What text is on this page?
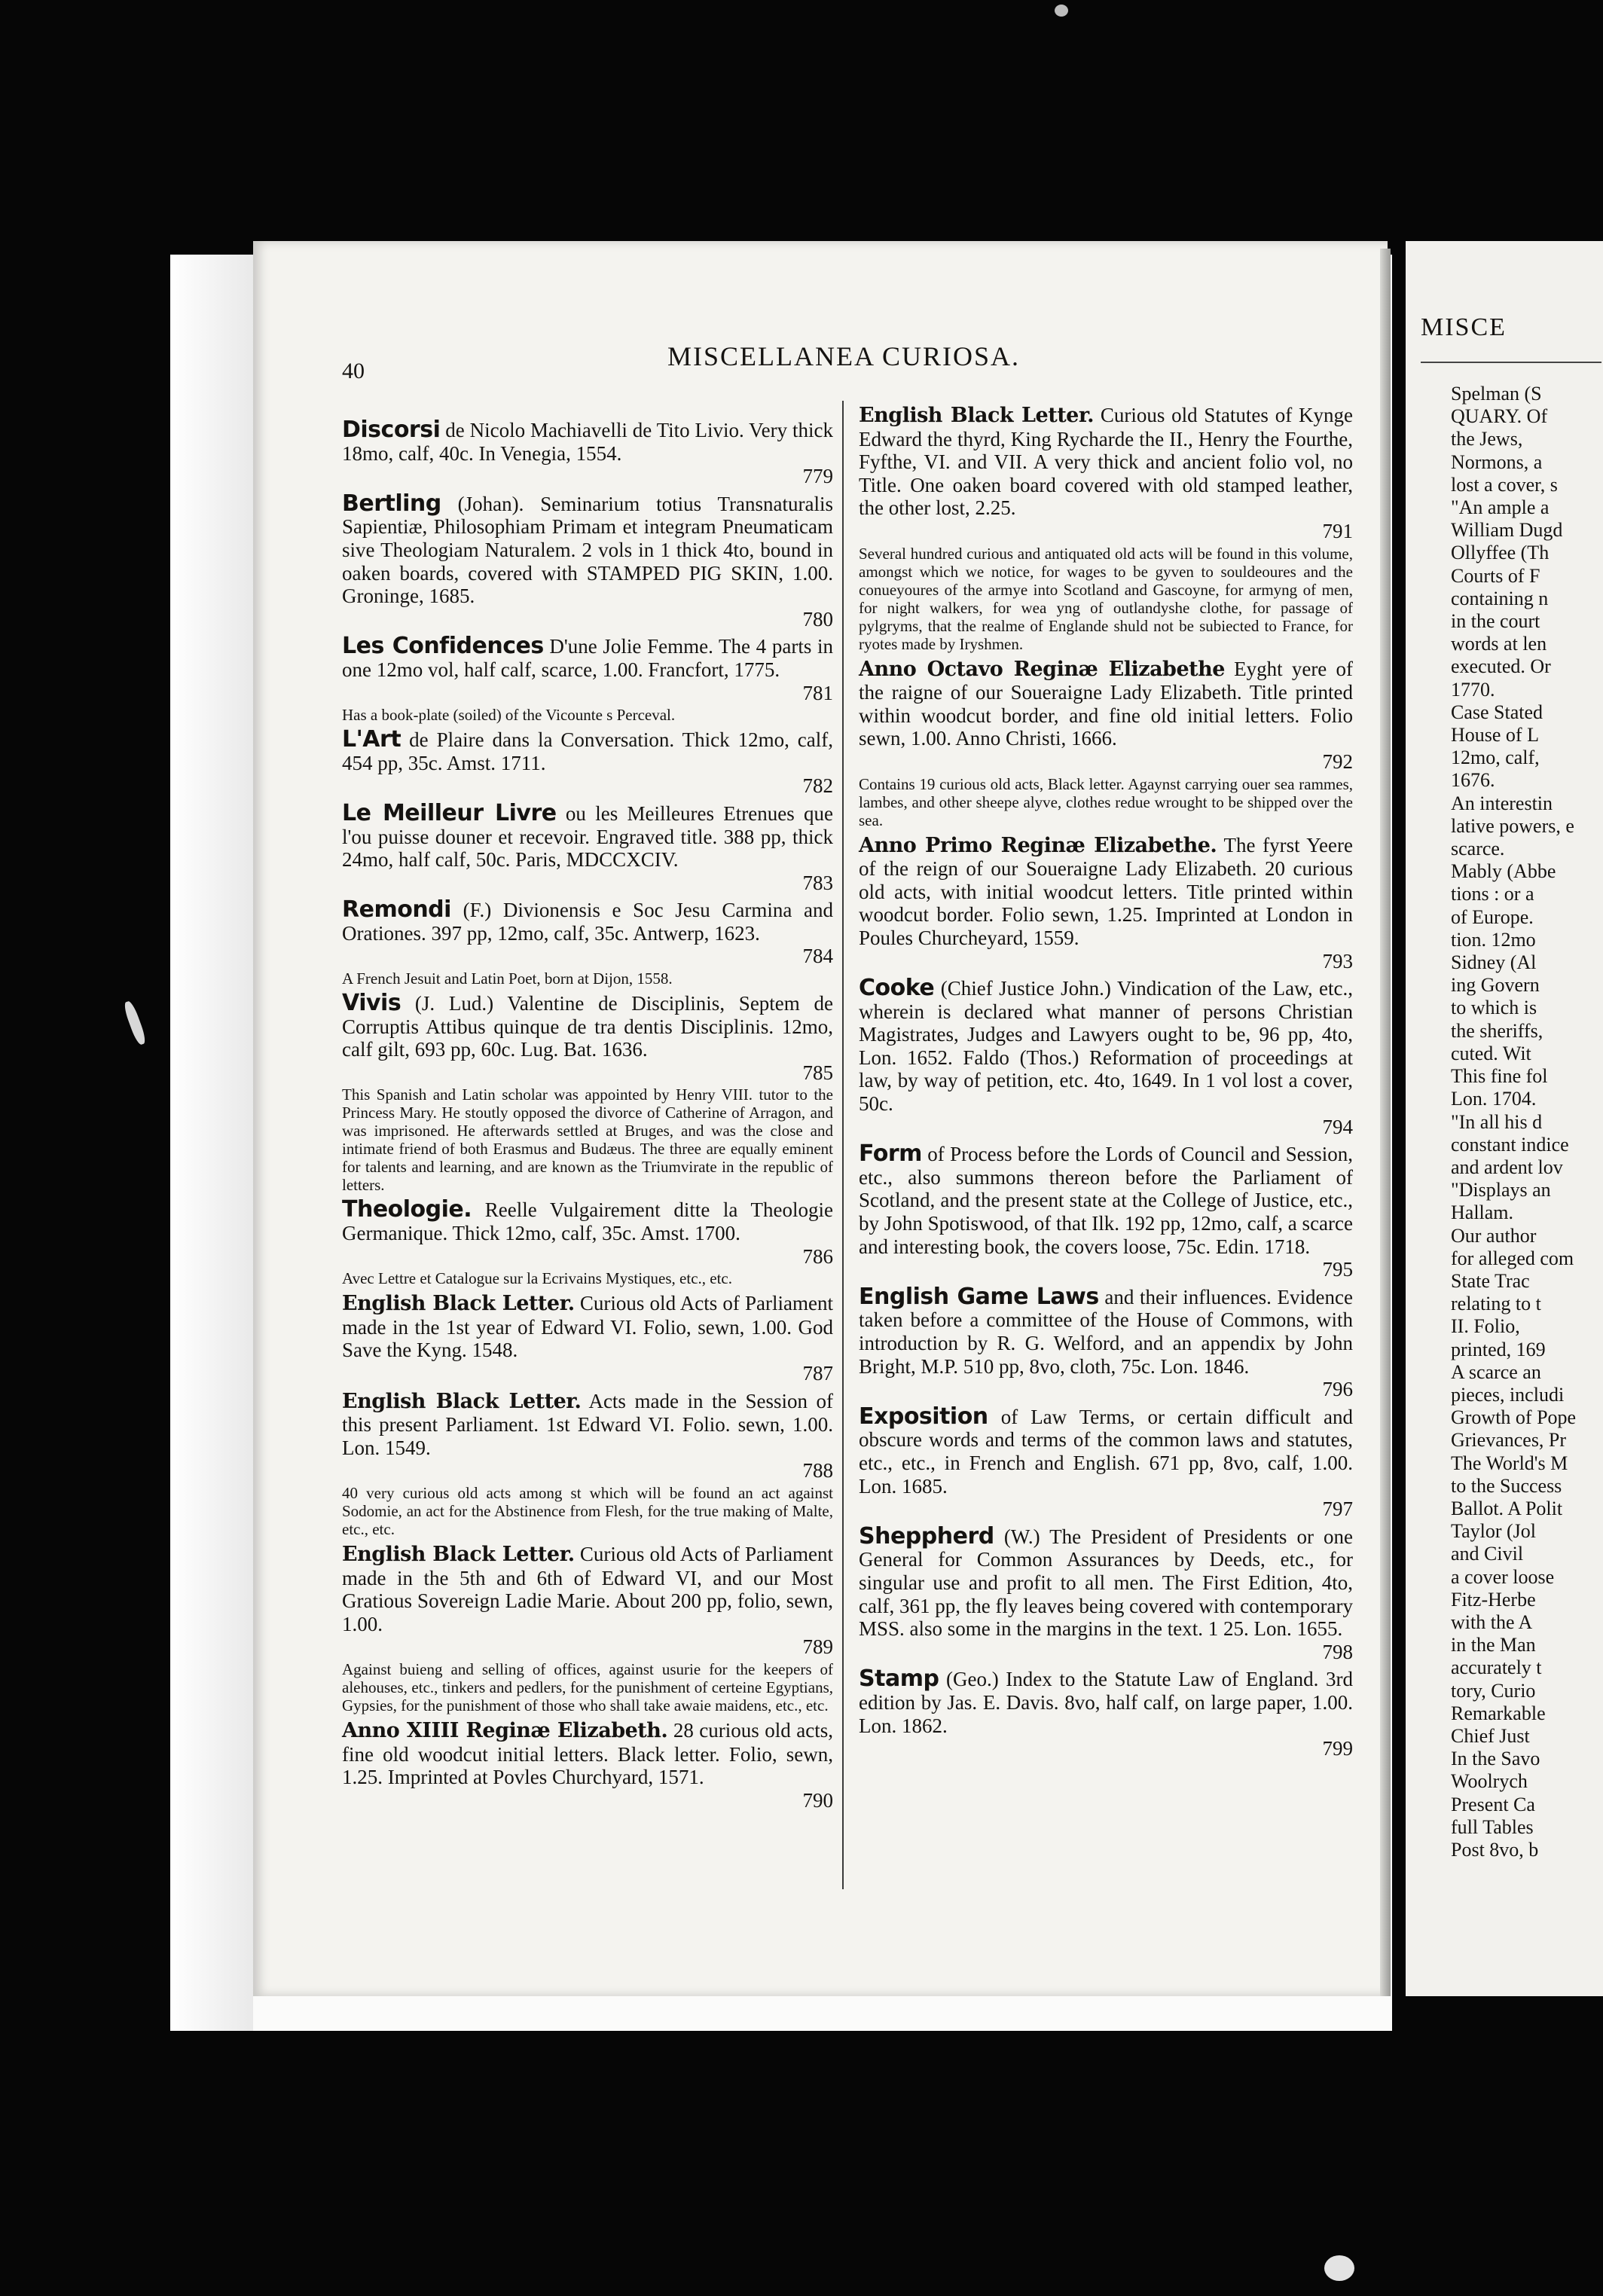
40	MISCELLANEA CURIOSA.
Discorsi de Nicolo Machiavelli de Tito Livio. Very thick 18mo, calf, 40c. In Venegia, 1554.
779
Bertling (Johan). Seminarium totius Transnaturalis Sapientiæ, Philosophiam Primam et integram Pneumaticam sive Theologiam Naturalem. 2 vols in 1 thick 4to, bound in oaken boards, covered with STAMPED PIG SKIN, 1.00. Groninge, 1685.
780
Les Confidences D'une Jolie Femme. The 4 parts in one 12mo vol, half calf, scarce, 1.00. Francfort, 1775.
781
Has a book-plate (soiled) of the Vicounte s Perceval.
L'Art de Plaire dans la Conversation. Thick 12mo, calf, 454 pp, 35c. Amst. 1711.
782
Le Meilleur Livre ou les Meilleures Etrenues que l'ou puisse douner et recevoir. Engraved title. 388 pp, thick 24mo, half calf, 50c. Paris, MDCCXCIV.
783
Remondi (F.) Divionensis e Soc Jesu Carmina and Orationes. 397 pp, 12mo, calf, 35c. Antwerp, 1623.
784
A French Jesuit and Latin Poet, born at Dijon, 1558.
Vivis (J. Lud.) Valentine de Disciplinis, Septem de Corruptis Attibus quinque de tra dentis Disciplinis. 12mo, calf gilt, 693 pp, 60c. Lug. Bat. 1636.
785
This Spanish and Latin scholar was appointed by Henry VIII. tutor to the Princess Mary. He stoutly opposed the divorce of Catherine of Arragon, and was imprisoned. He afterwards settled at Bruges, and was the close and intimate friend of both Erasmus and Budæus. The three are equally eminent for talents and learning, and are known as the Triumvirate in the republic of letters.
Theologie. Reelle Vulgairement ditte la Theologie Germanique. Thick 12mo, calf, 35c. Amst. 1700.
786
Avec Lettre et Catalogue sur la Ecrivains Mystiques, etc., etc.
English Black Letter. Curious old Acts of Parliament made in the 1st year of Edward VI. Folio, sewn, 1.00. God Save the Kyng. 1548.
787
English Black Letter. Acts made in the Session of this present Parliament. 1st Edward VI. Folio. sewn, 1.00. Lon. 1549.
788
40 very curious old acts among st which will be found an act against Sodomie, an act for the Abstinence from Flesh, for the true making of Malte, etc., etc.
English Black Letter. Curious old Acts of Parliament made in the 5th and 6th of Edward VI, and our Most Gratious Sovereign Ladie Marie. About 200 pp, folio, sewn, 1.00.
789
Against buieng and selling of offices, against usurie for the keepers of alehouses, etc., tinkers and pedlers, for the punishment of certeine Egyptians, Gypsies, for the punishment of those who shall take awaie maidens, etc., etc.
Anno XIIII Reginæ Elizabeth. 28 curious old acts, fine old woodcut initial letters. Black letter. Folio, sewn, 1.25. Imprinted at Povles Churchyard, 1571.
790
English Black Letter. Curious old Statutes of Kynge Edward the thyrd, King Rycharde the II., Henry the Fourthe, Fyfthe, VI. and VII. A very thick and ancient folio vol, no Title. One oaken board covered with old stamped leather, the other lost, 2.25.
791
Several hundred curious and antiquated old acts will be found in this volume, amongst which we notice, for wages to be gyven to souldeoures and the conueyoures of the armye into Scotland and Gascoyne, for armyng of men, for night walkers, for wea yng of outlandyshe clothe, for passage of pylgryms, that the realme of Englande shuld not be subiected to France, for ryotes made by Iryshmen.
Anno Octavo Reginæ Elizabethe Eyght yere of the raigne of our Soueraigne Lady Elizabeth. Title printed within woodcut border, and fine old initial letters. Folio sewn, 1.00. Anno Christi, 1666.
792
Contains 19 curious old acts, Black letter. Agaynst carrying ouer sea rammes, lambes, and other sheepe alyve, clothes redue wrought to be shipped over the sea.
Anno Primo Reginæ Elizabethe. The fyrst Yeere of the reign of our Soueraigne Lady Elizabeth. 20 curious old acts, with initial woodcut letters. Title printed within woodcut border. Folio sewn, 1.25. Imprinted at London in Poules Churcheyard, 1559.
793
Cooke (Chief Justice John.) Vindication of the Law, etc., wherein is declared what manner of persons Christian Magistrates, Judges and Lawyers ought to be, 96 pp, 4to, Lon. 1652. Faldo (Thos.) Reformation of proceedings at law, by way of petition, etc. 4to, 1649. In 1 vol lost a cover, 50c.
794
Form of Process before the Lords of Council and Session, etc., also summons thereon before the Parliament of Scotland, and the present state at the College of Justice, etc., by John Spotiswood, of that Ilk. 192 pp, 12mo, calf, a scarce and interesting book, the covers loose, 75c. Edin. 1718.
795
English Game Laws and their influences. Evidence taken before a committee of the House of Commons, with introduction by R. G. Welford, and an appendix by John Bright, M.P. 510 pp, 8vo, cloth, 75c. Lon. 1846.
796
Exposition of Law Terms, or certain difficult and obscure words and terms of the common laws and statutes, etc., etc., in French and English. 671 pp, 8vo, calf, 1.00. Lon. 1685.
797
Sheppherd (W.) The President of Presidents or one General for Common Assurances by Deeds, etc., for singular use and profit to all men. The First Edition, 4to, calf, 361 pp, the fly leaves being covered with contemporary MSS. also some in the margins in the text. 1 25. Lon. 1655.
798
Stamp (Geo.) Index to the Statute Law of England. 3rd edition by Jas. E. Davis. 8vo, half calf, on large paper, 1.00. Lon. 1862.
799
MISCE
Spelman (S
QUARY. Of
the Jews,
Normons, a
lost a cover, s
"An ample a
William Dugd
Ollyffee (Th
Courts of F
containing n
in the court
words at len
executed. Or
1770.
Case Stated
House of L
12mo, calf,
1676.
An interestin
lative powers, e
scarce.
Mably (Abbe
tions : or a
of Europe.
tion. 12mo
Sidney (Al
ing Govern
to which is
the sheriffs,
cuted. Wit
This fine fol
Lon. 1704.
"In all his d
constant indice
and ardent lov
"Displays an
Hallam.
Our author
for alleged com
State Trac
relating to t
II. Folio,
printed, 169
A scarce an
pieces, includi
Growth of Pope
Grievances, Pr
The World's M
to the Success
Ballot. A Polit
Taylor (Jol
and Civil
a cover loose
Fitz-Herbe
with the A
in the Man
accurately t
tory, Curio
Remarkable
Chief Just
In the Savo
Woolrych
Present Ca
full Tables
Post 8vo, b
